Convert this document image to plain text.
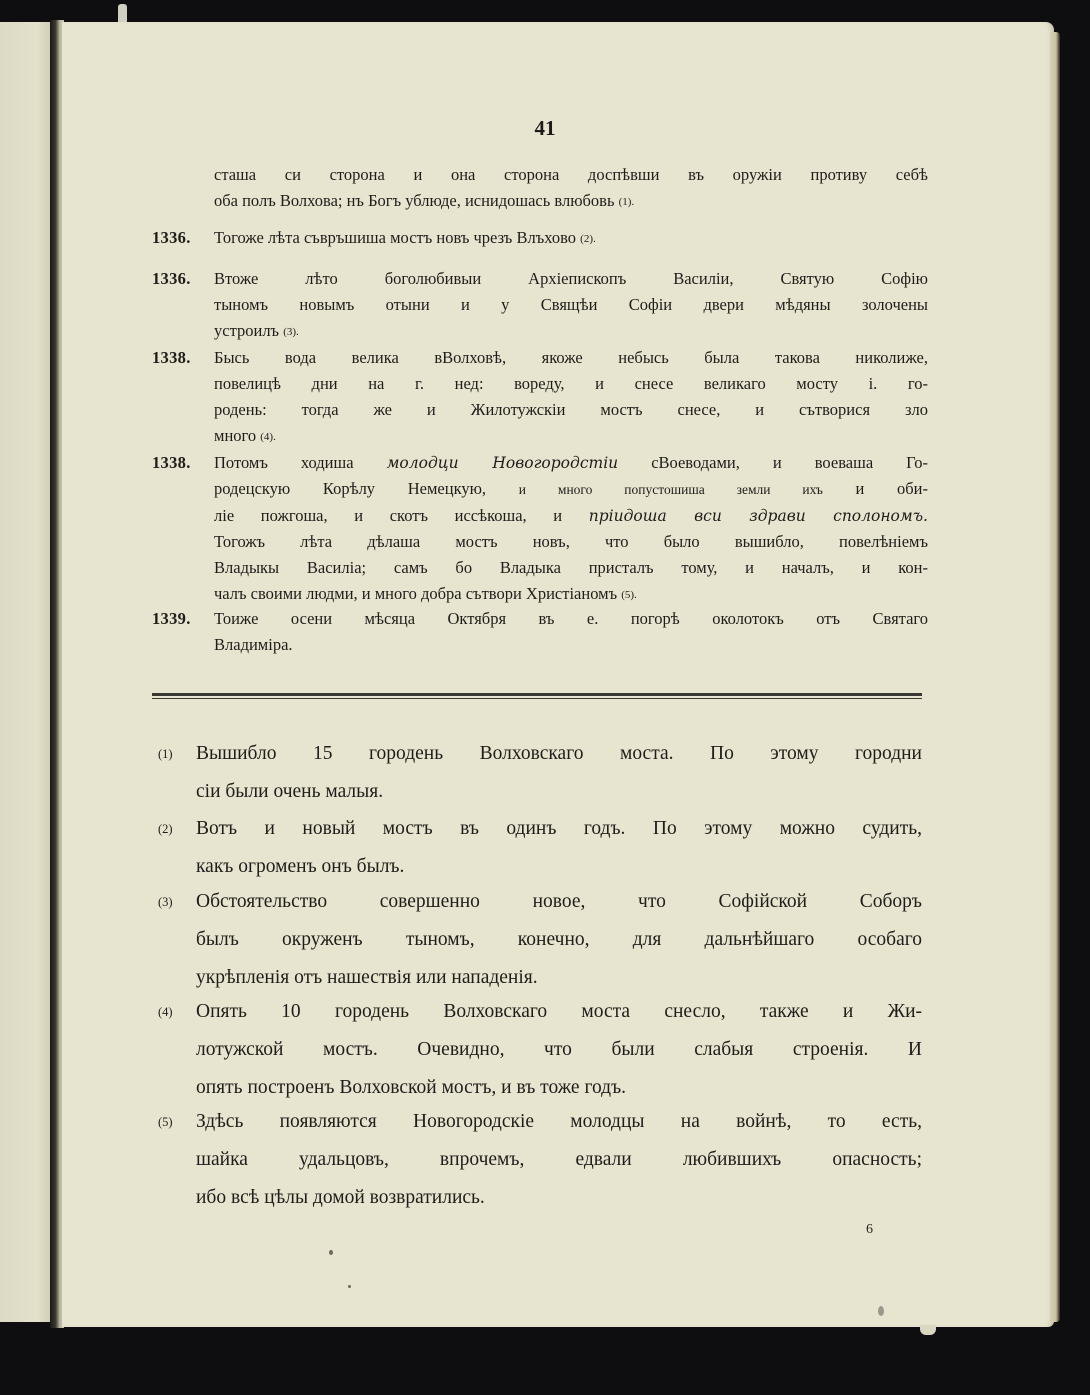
41
сташа си сторона и она сторона доспѣвши въ оружіи противу себѣ
оба полъ Волхова; нъ Богъ ублюде, иснидошась влюбовь (1).
1336. Тогоже лѣта съвръшиша мостъ новъ чрезъ Влъхово (2).
1336. Втоже лѣто боголюбивыи Архіепископъ Василіи, Святую Софію
тыномъ новымъ отыни и у Свящѣи Софіи двери мѣдяны золочены
устроилъ (3).
1338. Бысь вода велика вВолховѣ, якоже небысь была такова николиже,
повелицѣ дни на г. нед: вореду, и снесе великаго мосту і. го-
родень: тогда же и Жилотужскіи мостъ снесе, и сътворися зло
много (4).
1338. Потомъ ходиша молодци Новогородстіи сВоеводами, и воеваша Го-
родецскую Корѣлу Немецкую, и много попустошиша земли ихъ и оби-
ліе пожгоша, и скотъ иссѣкоша, и пріидоша вси здрави сполономъ.
Тогожъ лѣта дѣлаша мостъ новъ, что было вышибло, повелѣніемъ
Владыкы Василіа; самъ бо Владыка присталъ тому, и началъ, и кон-
чалъ своими людми, и много добра сътвори Христіаномъ (5).
1339. Тоиже осени мѣсяца Октября въ е. погорѣ околотокъ отъ Святаго
Владиміра.
(1) Вышибло 15 городень Волховскаго моста. По этому городни
сіи были очень малыя.
(2) Вотъ и новый мостъ въ одинъ годъ. По этому можно судить,
какъ огроменъ онъ былъ.
(3) Обстоятельство совершенно новое, что Софійской Соборъ
былъ окруженъ тыномъ, конечно, для дальнѣйшаго особаго
укрѣпленія отъ нашествія или нападенія.
(4) Опять 10 городень Волховскаго моста снесло, также и Жи-
лотужской мостъ. Очевидно, что были слабыя строенія. И
опять построенъ Волховской мостъ, и въ тоже годъ.
(5) Здѣсь появляются Новогородскіе молодцы на войнѣ, то есть,
шайка удальцовъ, впрочемъ, едвали любившихъ опасность;
ибо всѣ цѣлы домой возвратились.
6
